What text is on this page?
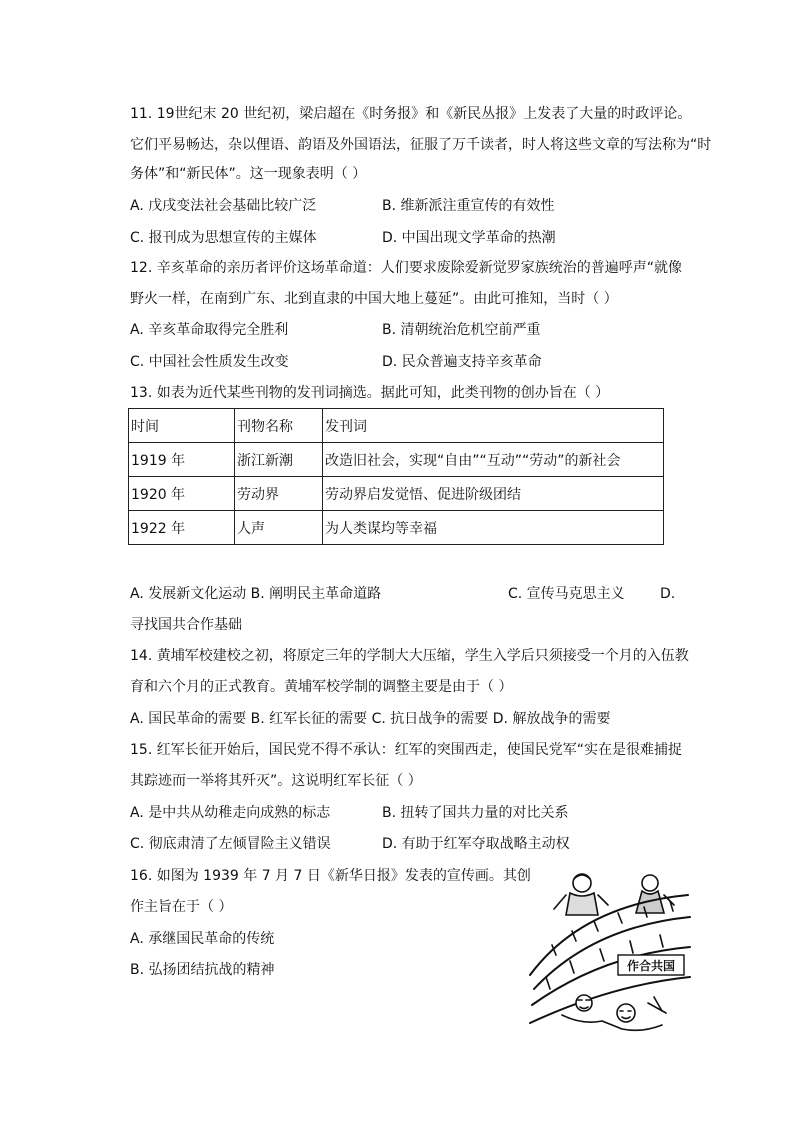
11. 19世纪末 20 世纪初，梁启超在《时务报》和《新民丛报》上发表了大量的时政评论。
它们平易畅达，杂以俚语、韵语及外国语法，征服了万千读者，时人将这些文章的写法称为“时
务体”和“新民体”。这一现象表明（ ）
A. 戊戌变法社会基础比较广泛	B. 维新派注重宣传的有效性
C. 报刊成为思想宣传的主媒体	D. 中国出现文学革命的热潮
12. 辛亥革命的亲历者评价这场革命道：人们要求废除爱新觉罗家族统治的普遍呼声“就像
野火一样，在南到广东、北到直隶的中国大地上蔓延”。由此可推知，当时（ ）
A. 辛亥革命取得完全胜利	B. 清朝统治危机空前严重
C. 中国社会性质发生改变	D. 民众普遍支持辛亥革命
13. 如表为近代某些刊物的发刊词摘选。据此可知，此类刊物的创办旨在（ ）
时间	刊物名称	发刊词
1919 年	浙江新潮	改造旧社会，实现“自由”“互动”“劳动”的新社会
1920 年	劳动界	劳动界启发觉悟、促进阶级团结
1922 年	人声	为人类谋均等幸福
A. 发展新文化运动 B. 阐明民主革命道路	C. 宣传马克思主义	D.
寻找国共合作基础
14. 黄埔军校建校之初，将原定三年的学制大大压缩，学生入学后只须接受一个月的入伍教
育和六个月的正式教育。黄埔军校学制的调整主要是由于（ ）
A. 国民革命的需要 B. 红军长征的需要 C. 抗日战争的需要 D. 解放战争的需要
15. 红军长征开始后，国民党不得不承认：红军的突围西走，使国民党军“实在是很难捕捉
其踪迹而一举将其歼灭”。这说明红军长征（ ）
A. 是中共从幼稚走向成熟的标志	B. 扭转了国共力量的对比关系
C. 彻底肃清了左倾冒险主义错误	D. 有助于红军夺取战略主动权
16. 如图为 1939 年 7 月 7 日《新华日报》发表的宣传画。其创
作主旨在于（ ）
A. 承继国民革命的传统
B. 弘扬团结抗战的精神	作合共国
